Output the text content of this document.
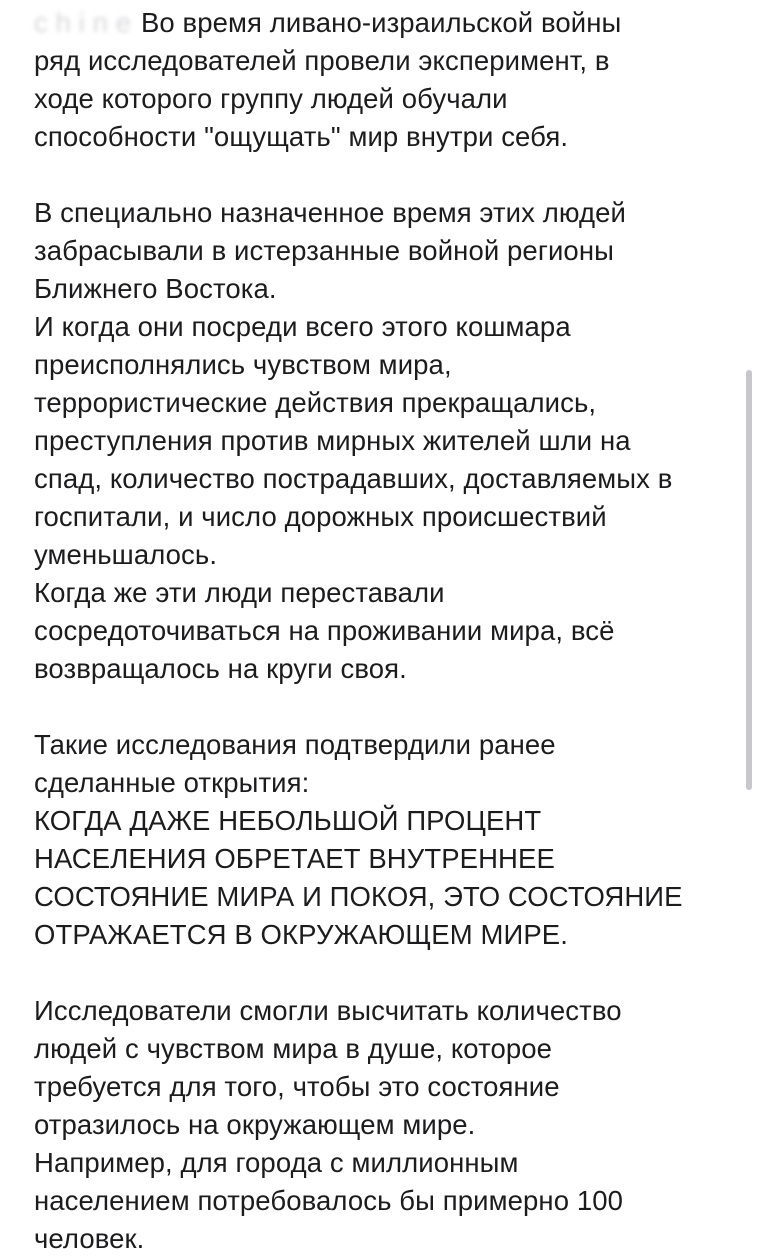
c h i n e Во время ливано-израильской войны
ряд исследователей провели эксперимент, в
ходе которого группу людей обучали
способности "ощущать" мир внутри себя.
В специально назначенное время этих людей
забрасывали в истерзанные войной регионы
Ближнего Востока.
И когда они посреди всего этого кошмара
преисполнялись чувством мира,
террористические действия прекращались,
преступления против мирных жителей шли на
спад, количество пострадавших, доставляемых в
госпитали, и число дорожных происшествий
уменьшалось.
Когда же эти люди переставали
сосредоточиваться на проживании мира, всё
возвращалось на круги своя.
Такие исследования подтвердили ранее
сделанные открытия:
КОГДА ДАЖЕ НЕБОЛЬШОЙ ПРОЦЕНТ
НАСЕЛЕНИЯ ОБРЕТАЕТ ВНУТРЕННЕЕ
СОСТОЯНИЕ МИРА И ПОКОЯ, ЭТО СОСТОЯНИЕ
ОТРАЖАЕТСЯ В ОКРУЖАЮЩЕМ МИРЕ.
Исследователи смогли высчитать количество
людей с чувством мира в душе, которое
требуется для того, чтобы это состояние
отразилось на окружающем мире.
Например, для города с миллионным
населением потребовалось бы примерно 100
человек.
